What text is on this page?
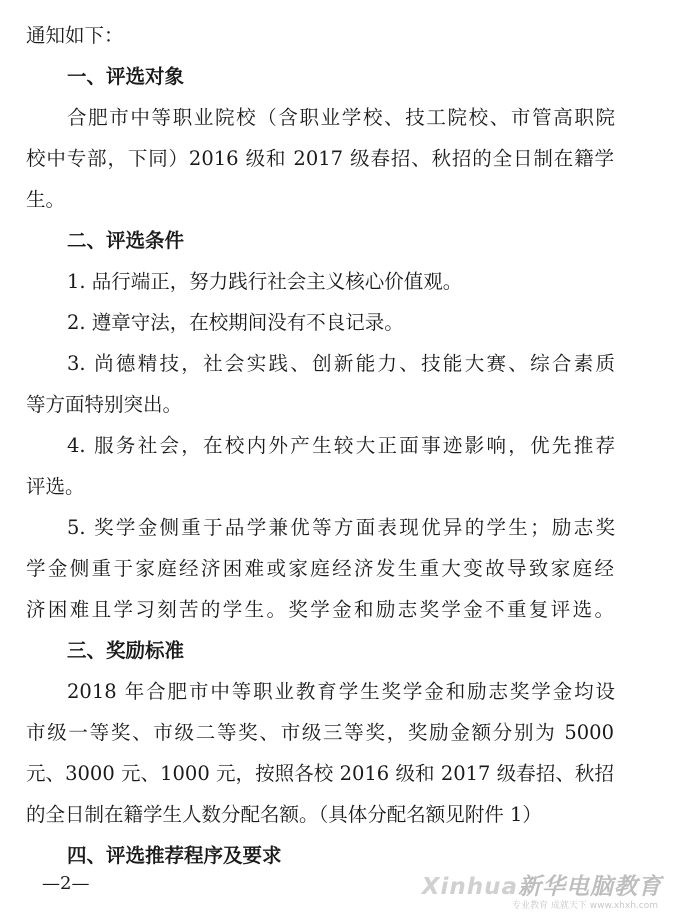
通知如下：
一、评选对象
合肥市中等职业院校（含职业学校、技工院校、市管高职院
校中专部，下同）2016 级和 2017 级春招、秋招的全日制在籍学
生。
二、评选条件
1. 品行端正，努力践行社会主义核心价值观。
2. 遵章守法，在校期间没有不良记录。
3. 尚德精技，社会实践、创新能力、技能大赛、综合素质
等方面特别突出。
4. 服务社会，在校内外产生较大正面事迹影响，优先推荐
评选。
5. 奖学金侧重于品学兼优等方面表现优异的学生；励志奖
学金侧重于家庭经济困难或家庭经济发生重大变故导致家庭经
济困难且学习刻苦的学生。奖学金和励志奖学金不重复评选。
三、奖励标准
2018 年合肥市中等职业教育学生奖学金和励志奖学金均设
市级一等奖、市级二等奖、市级三等奖，奖励金额分别为 5000
元、3000 元、1000 元，按照各校 2016 级和 2017 级春招、秋招
的全日制在籍学生人数分配名额。（具体分配名额见附件 1）
四、评选推荐程序及要求
—2—	Xinhua新华电脑教育
专业教育 成就天下 www.xhxh.com
